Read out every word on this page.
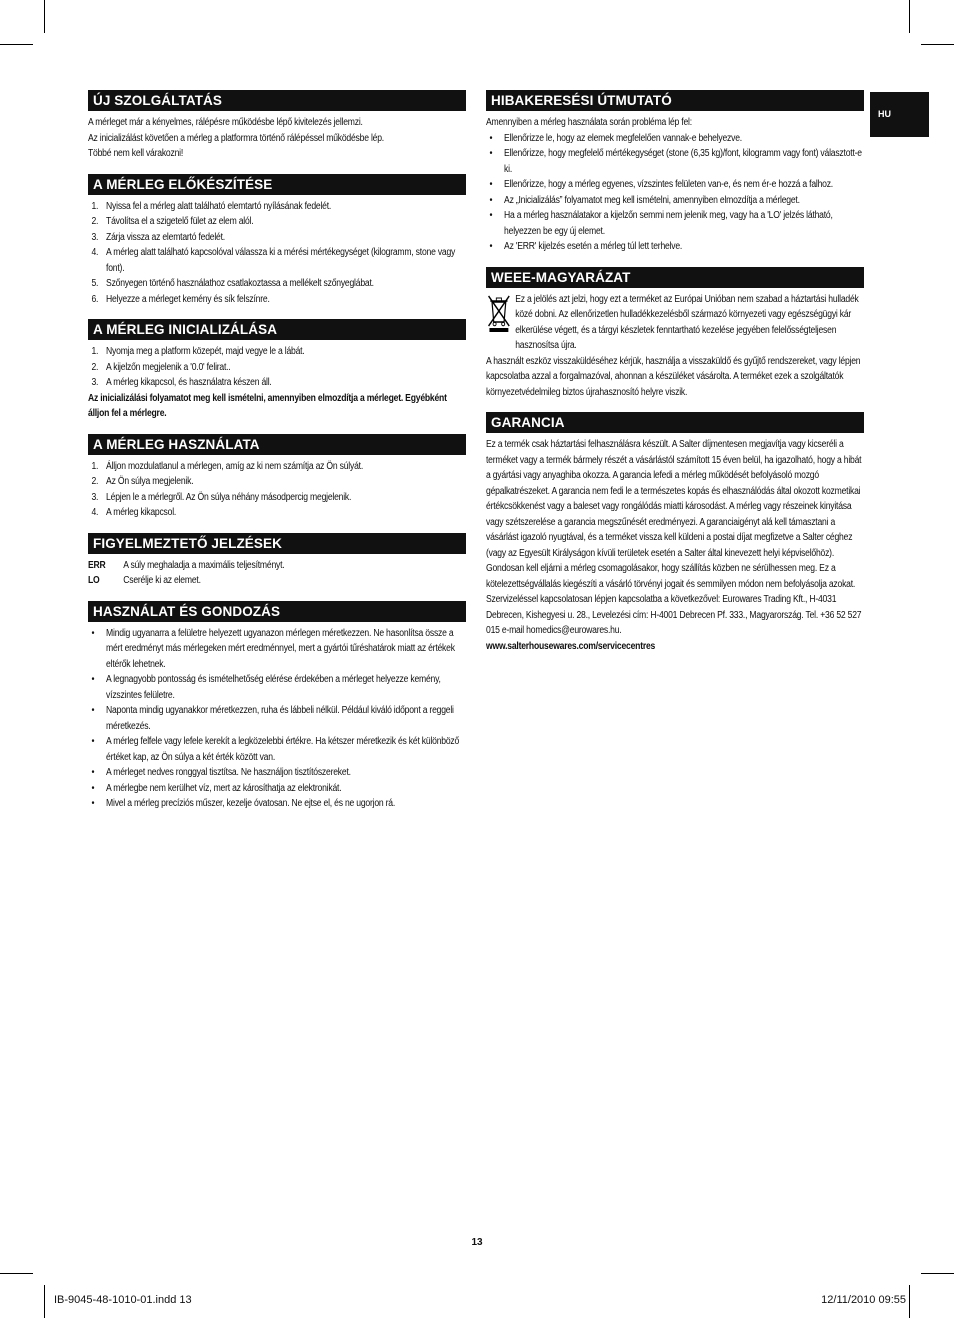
HU
ÚJ SZOLGÁLTATÁS

A mérleget már a kényelmes, rálépésre működésbe lépő kivitelezés jellemzi.

Az inicializálást követően a mérleg a platformra történő rálépéssel működésbe lép.

Többé nem kell várakozni!

A MÉRLEG ELŐKÉSZÍTÉSE
1. Nyissa fel a mérleg alatt található elemtartó nyílásának fedelét.
2. Távolítsa el a szigetelő fület az elem alól.
3. Zárja vissza az elemtartó fedelét.
4. A mérleg alatt található kapcsolóval válassza ki a mérési mértékegységet (kilogramm, stone vagy font).
5. Szőnyegen történő használathoz csatlakoztassa a mellékelt szőnyeglábat.
6. Helyezze a mérleget kemény és sík felszínre.
A MÉRLEG INICIALIZÁLÁSA
1. Nyomja meg a platform közepét, majd vegye le a lábát.
2. A kijelzőn megjelenik a '0.0' felirat..
3. A mérleg kikapcsol, és használatra készen áll.

Az inicializálási folyamatot meg kell ismételni, amennyiben elmozdítja a mérleget. Egyébként álljon fel a mérlegre.

A MÉRLEG HASZNÁLATA
1. Álljon mozdulatlanul a mérlegen, amíg az ki nem számítja az Ön súlyát.
2. Az Ön súlya megjelenik.
3. Lépjen le a mérlegről. Az Ön súlya néhány másodpercig megjelenik.
4. A mérleg kikapcsol.
FIGYELMEZTETŐ JELZÉSEK
ERR	A súly meghaladja a maximális teljesítményt.
LO	Cserélje ki az elemet.
HASZNÁLAT ÉS GONDOZÁS
• Mindig ugyanarra a felületre helyezett ugyanazon mérlegen méretkezzen. Ne hasonlítsa össze a mért eredményt más mérlegeken mért eredménnyel, mert a gyártói tűréshatárok miatt az értékek eltérők lehetnek.
• A legnagyobb pontosság és ismételhetőség elérése érdekében a mérleget helyezze kemény, vízszintes felületre.
• Naponta mindig ugyanakkor méretkezzen, ruha és lábbeli nélkül. Például kiváló időpont a reggeli méretkezés.
• A mérleg felfele vagy lefele kerekít a legközelebbi értékre. Ha kétszer méretkezik és két különböző értéket kap, az Ön súlya a két érték között van.
• A mérleget nedves ronggyal tisztítsa. Ne használjon tisztítószereket.
• A mérlegbe nem kerülhet víz, mert az károsíthatja az elektronikát.
• Mivel a mérleg precíziós műszer, kezelje óvatosan. Ne ejtse el, és ne ugorjon rá.
HIBAKERESÉSI ÚTMUTATÓ

Amennyiben a mérleg használata során probléma lép fel:

• Ellenőrizze le, hogy az elemek megfelelően vannak-e behelyezve.
• Ellenőrizze, hogy megfelelő mértékegységet (stone (6,35 kg)/font, kilogramm vagy font) választott-e ki.
• Ellenőrizze, hogy a mérleg egyenes, vízszintes felületen van-e, és nem ér-e hozzá a falhoz.
• Az „Inicializálás” folyamatot meg kell ismételni, amennyiben elmozdítja a mérleget.
• Ha a mérleg használatakor a kijelzőn semmi nem jelenik meg, vagy ha a 'LO' jelzés látható, helyezzen be egy új elemet.
• Az 'ERR' kijelzés esetén a mérleg túl lett terhelve.
WEEE-MAGYARÁZAT

Ez a jelölés azt jelzi, hogy ezt a terméket az Európai Unióban nem szabad a háztartási hulladék közé dobni. Az ellenőrizetlen hulladékkezelésből származó környezeti vagy egészségügyi kár elkerülése végett, és a tárgyi készletek fenntartható kezelése jegyében felelősségteljesen hasznosítsa újra.

A használt eszköz visszaküldéséhez kérjük, használja a visszaküldő és gyűjtő rendszereket, vagy lépjen kapcsolatba azzal a forgalmazóval, ahonnan a készüléket vásárolta. A terméket ezek a szolgáltatók környezetvédelmileg biztos újrahasznosító helyre viszik.

GARANCIA

Ez a termék csak háztartási felhasználásra készült. A Salter díjmentesen megjavítja vagy kicseréli a terméket vagy a termék bármely részét a vásárlástól számított 15 éven belül, ha igazolható, hogy a hibát a gyártási vagy anyaghiba okozza. A garancia lefedi a mérleg működését befolyásoló mozgó gépalkatrészeket. A garancia nem fedi le a természetes kopás és elhasználódás által okozott kozmetikai értékcsökkenést vagy a baleset vagy rongálódás miatti károsodást. A mérleg vagy részeinek kinyitása vagy szétszerelése a garancia megszűnését eredményezi. A garanciaigényt alá kell támasztani a vásárlást igazoló nyugtával, és a terméket vissza kell küldeni a postai díjat megfizetve a Salter céghez (vagy az Egyesült Királyságon kívüli területek esetén a Salter által kinevezett helyi képviselőhöz). Gondosan kell eljárni a mérleg csomagolásakor, hogy szállítás közben ne sérülhessen meg. Ez a kötelezettségvállalás kiegészíti a vásárló törvényi jogait és semmilyen módon nem befolyásolja azokat. Szervizeléssel kapcsolatosan lépjen kapcsolatba a következővel: Eurowares Trading Kft., H-4031 Debrecen, Kishegyesi u. 28., Levelezési cím: H-4001 Debrecen Pf. 333., Magyarország. Tel. +36 52 527 015 e-mail homedics@eurowares.hu.

www.salterhousewares.com/servicecentres

13
IB-9045-48-1010-01.indd 13	12/11/2010 09:55
